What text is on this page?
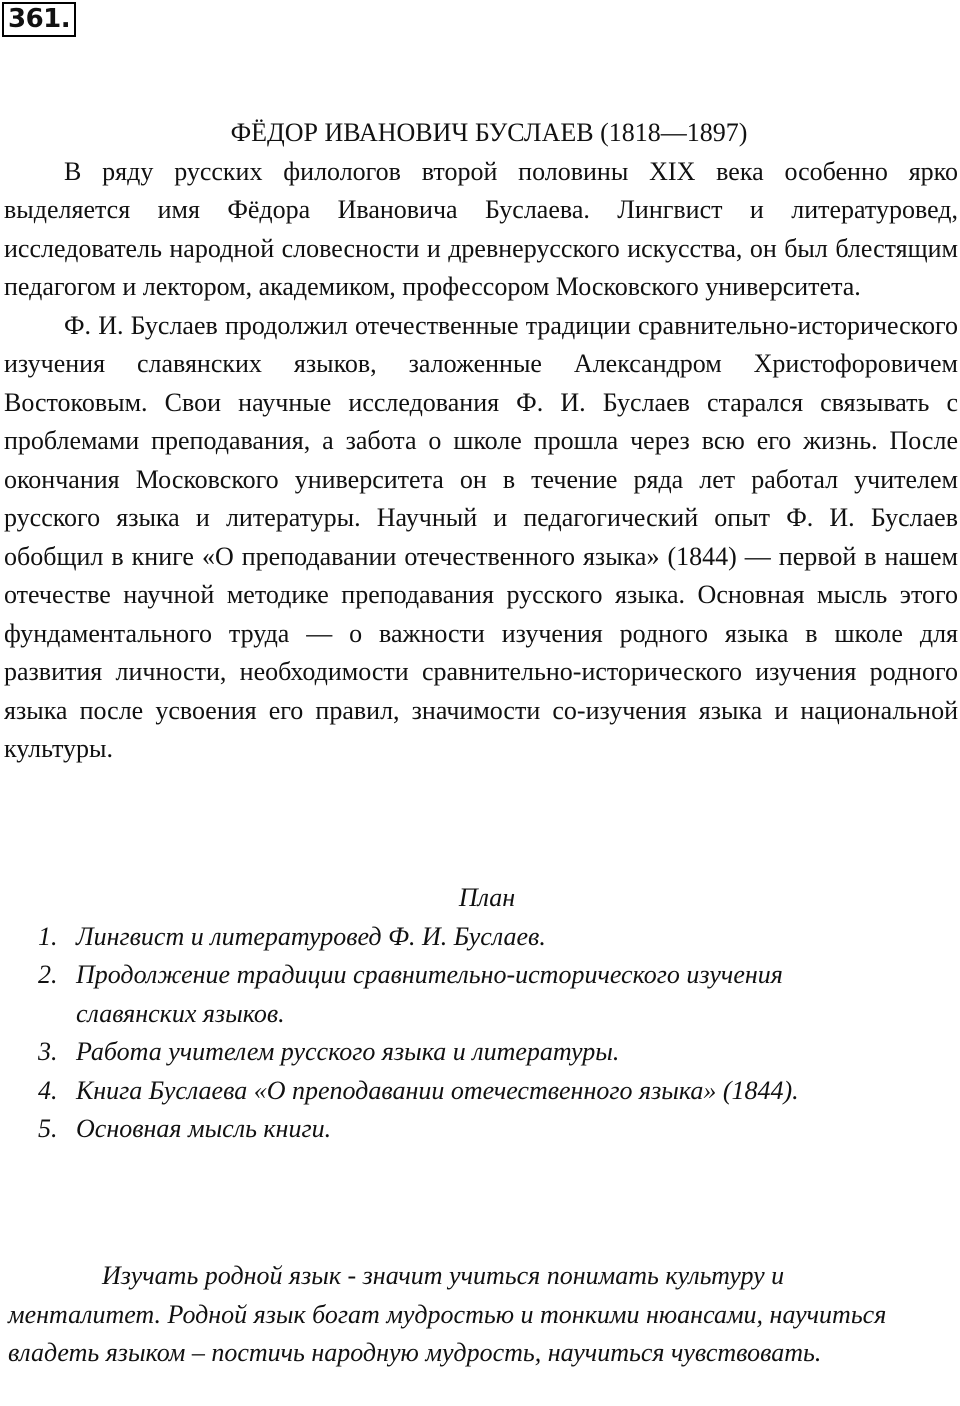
361.
ФЁДОР ИВАНОВИЧ БУСЛАЕВ (1818—1897)

В ряду русских филологов второй половины XIX века особенно ярко выделяется имя Фёдора Ивановича Буслаева. Лингвист и литературовед, исследователь народной словесности и древнерусского искусства, он был блестящим педагогом и лектором, академиком, профессором Московского университета.

Ф. И. Буслаев продолжил отечественные традиции сравнительно-исторического изучения славянских языков, заложенные Александром Христофоровичем Востоковым. Свои научные исследования Ф. И. Буслаев старался связывать с проблемами преподавания, а забота о школе прошла через всю его жизнь. После окончания Московского университета он в течение ряда лет работал учителем русского языка и литературы. Научный и педагогический опыт Ф. И. Буслаев обобщил в книге «О преподавании отечественного языка» (1844) — первой в нашем отечестве научной методике преподавания русского языка. Основная мысль этого фундаментального труда — о важности изучения родного языка в школе для развития личности, необходимости сравнительно-исторического изучения родного языка после усвоения его правил, значимости со-изучения языка и национальной культуры.

План
1. Лингвист и литературовед Ф. И. Буслаев.
2. Продолжение традиции сравнительно-исторического изучения славянских языков.
3. Работа учителем русского языка и литературы.
4. Книга Буслаева «О преподавании отечественного языка» (1844).
5. Основная мысль книги.

Изучать родной язык - значит учиться понимать культуру и менталитет. Родной язык богат мудростью и тонкими нюансами, научиться владеть языком – постичь народную мудрость, научиться чувствовать.
